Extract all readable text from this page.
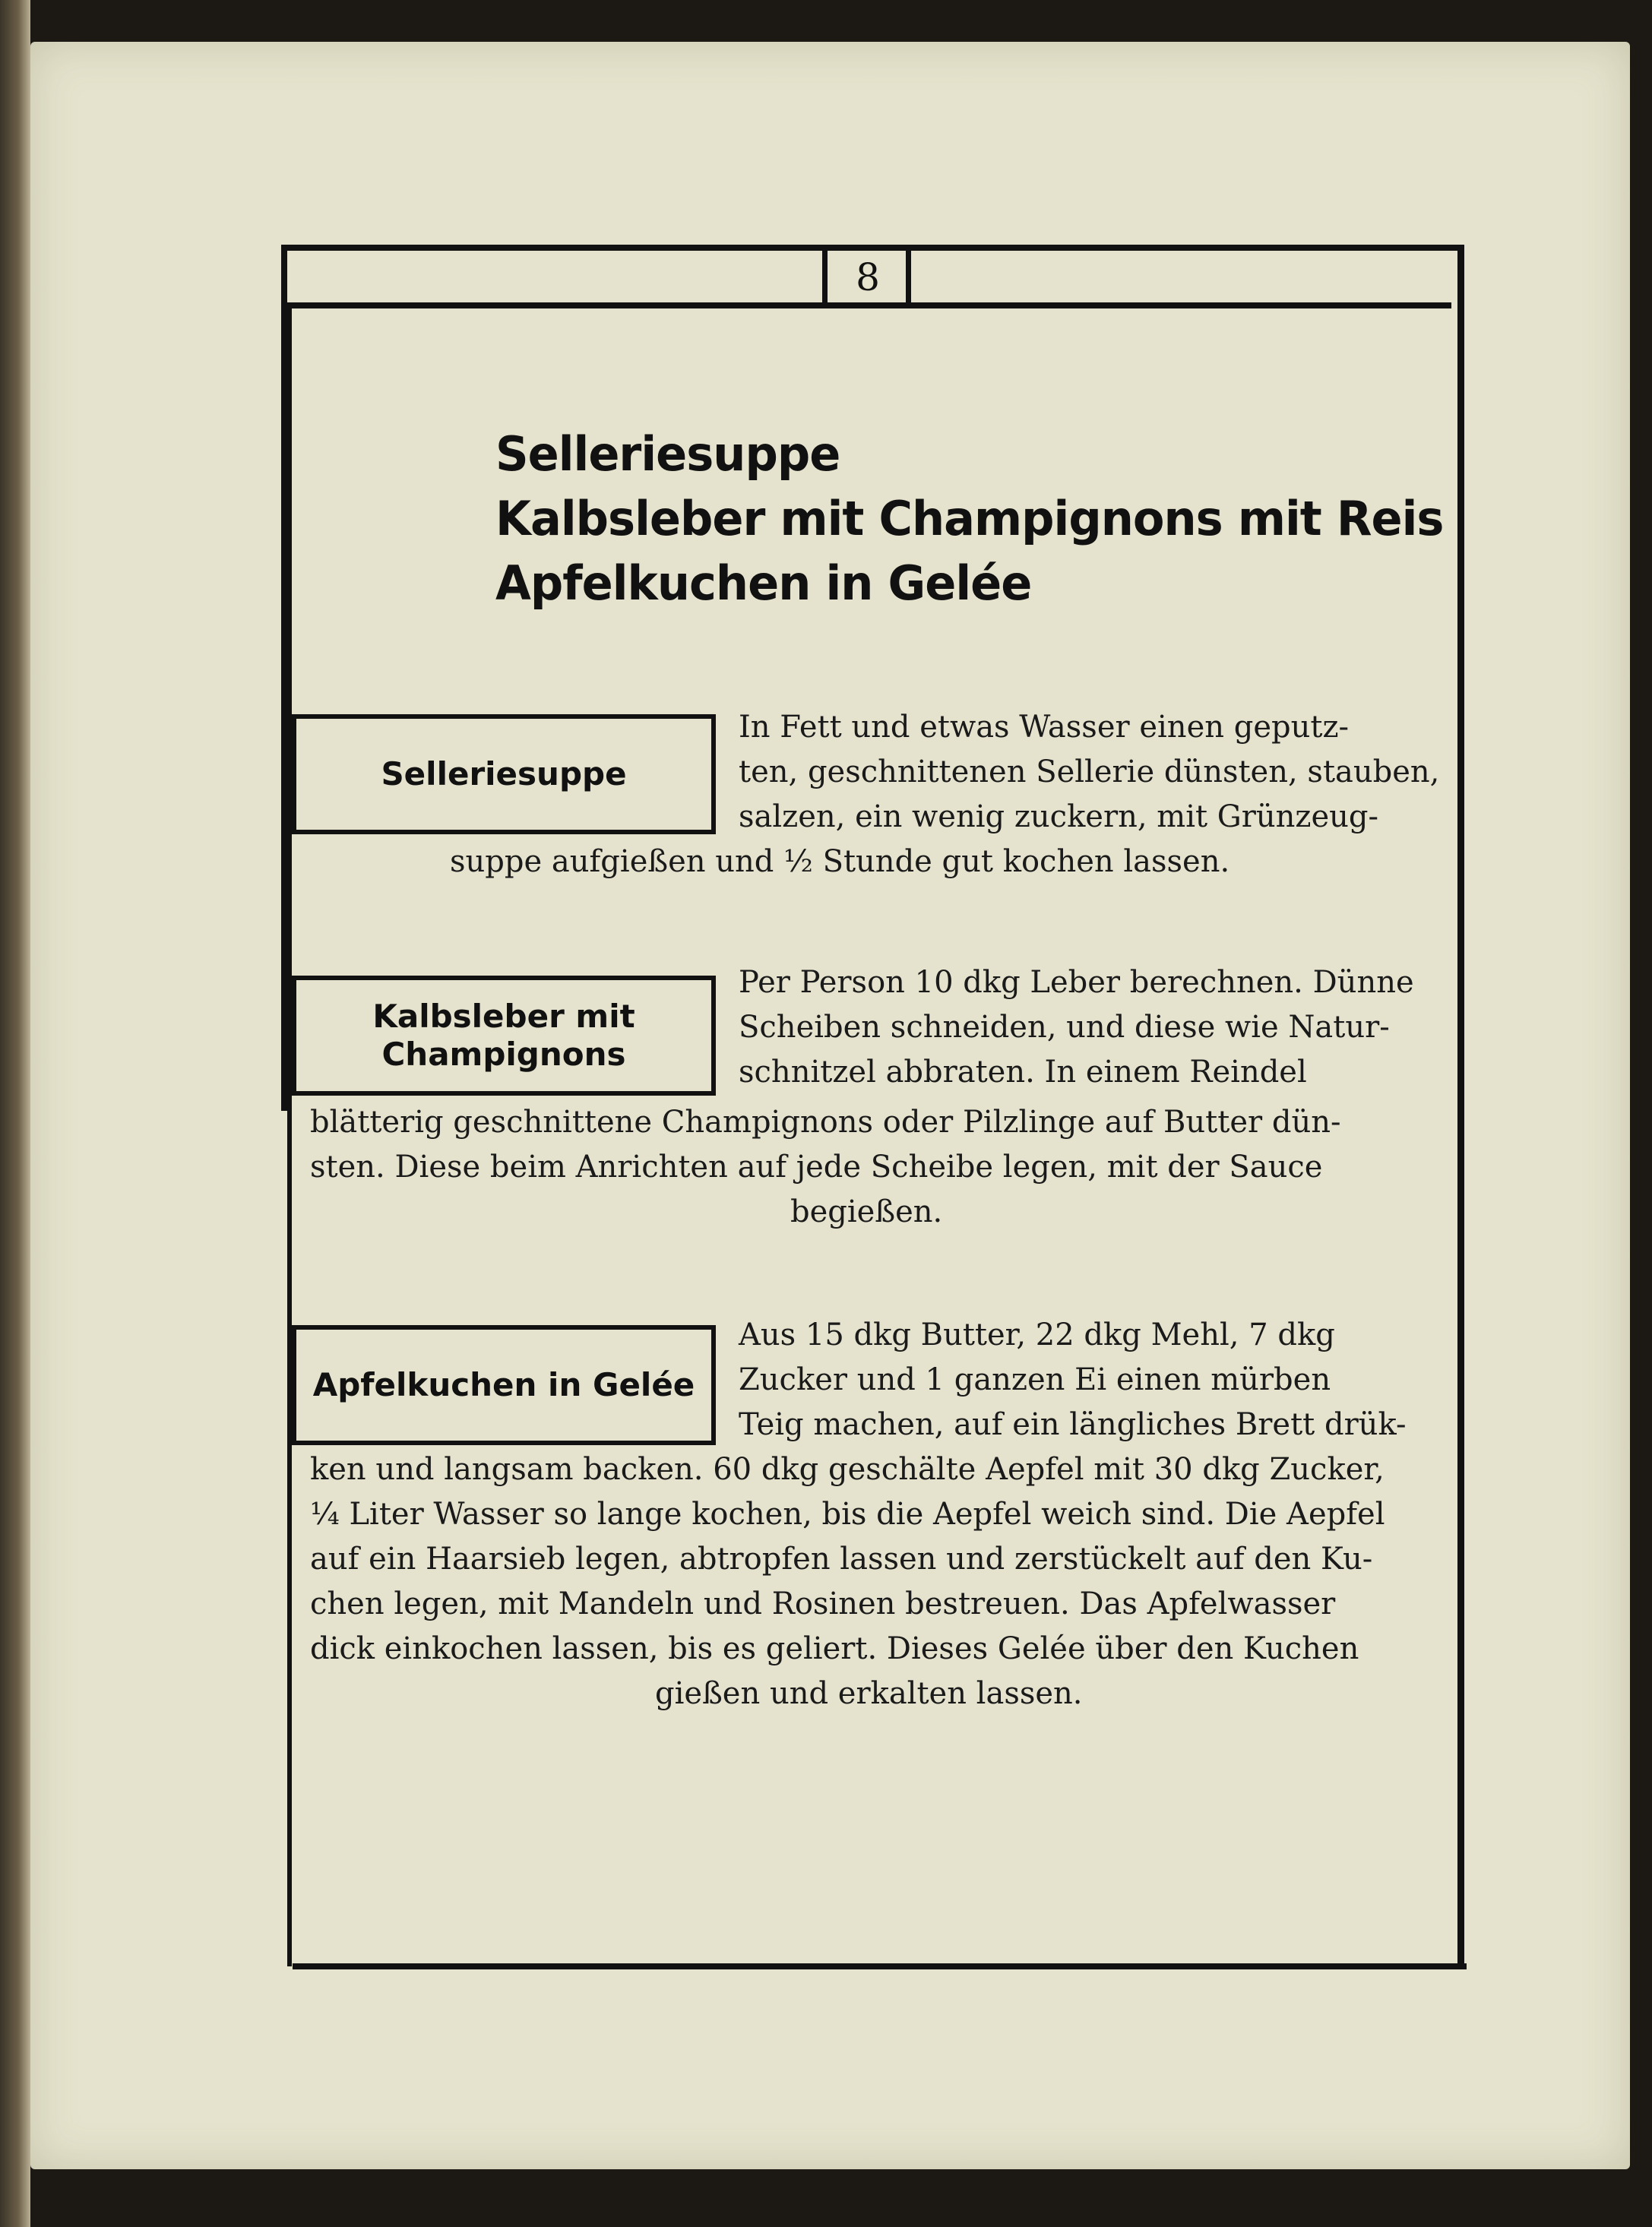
8
Selleriesuppe
Kalbsleber mit Champignons mit Reis
Apfelkuchen in Gelée
Selleriesuppe
In Fett und etwas Wasser einen geputz-
ten, geschnittenen Sellerie dünsten, stauben,
salzen, ein wenig zuckern, mit Grünzeug-
suppe aufgießen und ½ Stunde gut kochen lassen.
Kalbsleber mit
Champignons
Per Person 10 dkg Leber berechnen. Dünne
Scheiben schneiden, und diese wie Natur-
schnitzel abbraten. In einem Reindel
blätterig geschnittene Champignons oder Pilzlinge auf Butter dün-
sten. Diese beim Anrichten auf jede Scheibe legen, mit der Sauce
begießen.
Apfelkuchen in Gelée
Aus 15 dkg Butter, 22 dkg Mehl, 7 dkg
Zucker und 1 ganzen Ei einen mürben
Teig machen, auf ein längliches Brett drük-
ken und langsam backen. 60 dkg geschälte Aepfel mit 30 dkg Zucker,
¼ Liter Wasser so lange kochen, bis die Aepfel weich sind. Die Aepfel
auf ein Haarsieb legen, abtropfen lassen und zerstückelt auf den Ku-
chen legen, mit Mandeln und Rosinen bestreuen. Das Apfelwasser
dick einkochen lassen, bis es geliert. Dieses Gelée über den Kuchen
gießen und erkalten lassen.
